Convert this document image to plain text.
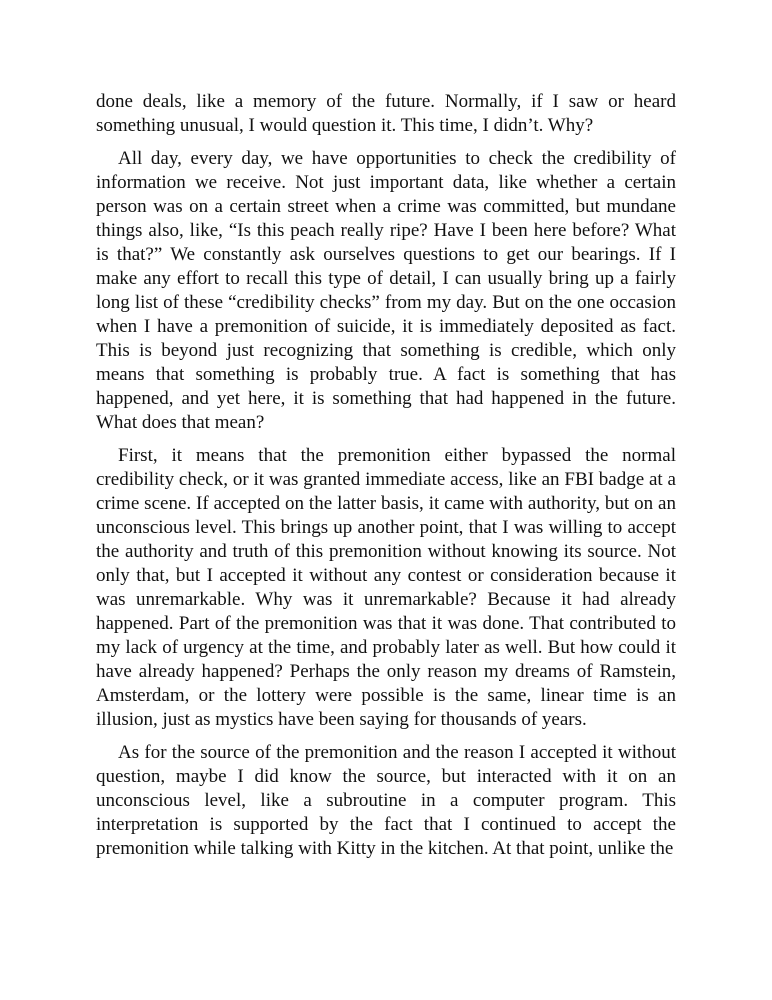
done deals, like a memory of the future. Normally, if I saw or heard something unusual, I would question it. This time, I didn’t. Why?

All day, every day, we have opportunities to check the credibility of information we receive. Not just important data, like whether a certain person was on a certain street when a crime was committed, but mundane things also, like, “Is this peach really ripe? Have I been here before? What is that?” We constantly ask ourselves questions to get our bearings. If I make any effort to recall this type of detail, I can usually bring up a fairly long list of these “credibility checks” from my day. But on the one occasion when I have a premonition of suicide, it is immediately deposited as fact. This is beyond just recognizing that something is credible, which only means that something is probably true. A fact is something that has happened, and yet here, it is something that had happened in the future. What does that mean?

First, it means that the premonition either bypassed the normal credibility check, or it was granted immediate access, like an FBI badge at a crime scene. If accepted on the latter basis, it came with authority, but on an unconscious level. This brings up another point, that I was willing to accept the authority and truth of this premonition without knowing its source. Not only that, but I accepted it without any contest or consideration because it was unremarkable. Why was it unremarkable? Because it had already happened. Part of the premonition was that it was done. That contributed to my lack of urgency at the time, and probably later as well. But how could it have already happened? Perhaps the only reason my dreams of Ramstein, Amsterdam, or the lottery were possible is the same, linear time is an illusion, just as mystics have been saying for thousands of years.

As for the source of the premonition and the reason I accepted it without question, maybe I did know the source, but interacted with it on an unconscious level, like a subroutine in a computer program. This interpretation is supported by the fact that I continued to accept the premonition while talking with Kitty in the kitchen. At that point, unlike the
